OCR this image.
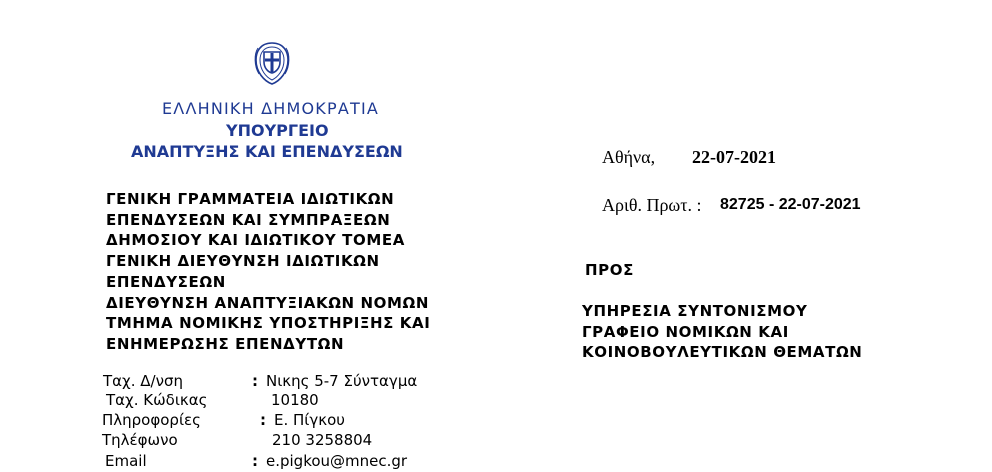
ΕΛΛΗΝΙΚΗ ΔΗΜΟΚΡΑΤΙΑ
ΥΠΟΥΡΓΕΙΟ
ΑΝΑΠΤΥΞΗΣ ΚΑΙ ΕΠΕΝΔΥΣΕΩΝ
ΓΕΝΙΚΗ ΓΡΑΜΜΑΤΕΙΑ ΙΔΙΩΤΙΚΩΝ
ΕΠΕΝΔΥΣΕΩΝ ΚΑΙ ΣΥΜΠΡΑΞΕΩΝ
ΔΗΜΟΣΙΟΥ ΚΑΙ ΙΔΙΩΤΙΚΟΥ ΤΟΜΕΑ
ΓΕΝΙΚΗ ΔΙΕΥΘΥΝΣΗ ΙΔΙΩΤΙΚΩΝ
ΕΠΕΝΔΥΣΕΩΝ
ΔΙΕΥΘΥΝΣΗ ΑΝΑΠΤΥΞΙΑΚΩΝ ΝΟΜΩΝ
ΤΜΗΜΑ ΝΟΜΙΚΗΣ ΥΠΟΣΤΗΡΙΞΗΣ ΚΑΙ
ΕΝΗΜΕΡΩΣΗΣ ΕΠΕΝΔΥΤΩΝ
Ταχ. Δ/νση	: Νικης 5-7 Σύνταγμα
Ταχ. Κώδικας	10180
Πληροφορίες	: Ε. Πίγκου
Τηλέφωνο	210 3258804
Email	: e.pigkou@mnec.gr
Αθήνα, 22-07-2021
Αριθ. Πρωτ. : 82725 - 22-07-2021
ΠΡΟΣ
ΥΠΗΡΕΣΙΑ ΣΥΝΤΟΝΙΣΜΟΥ
ΓΡΑΦΕΙΟ ΝΟΜΙΚΩΝ ΚΑΙ
ΚΟΙΝΟΒΟΥΛΕΥΤΙΚΩΝ ΘΕΜΑΤΩΝ
